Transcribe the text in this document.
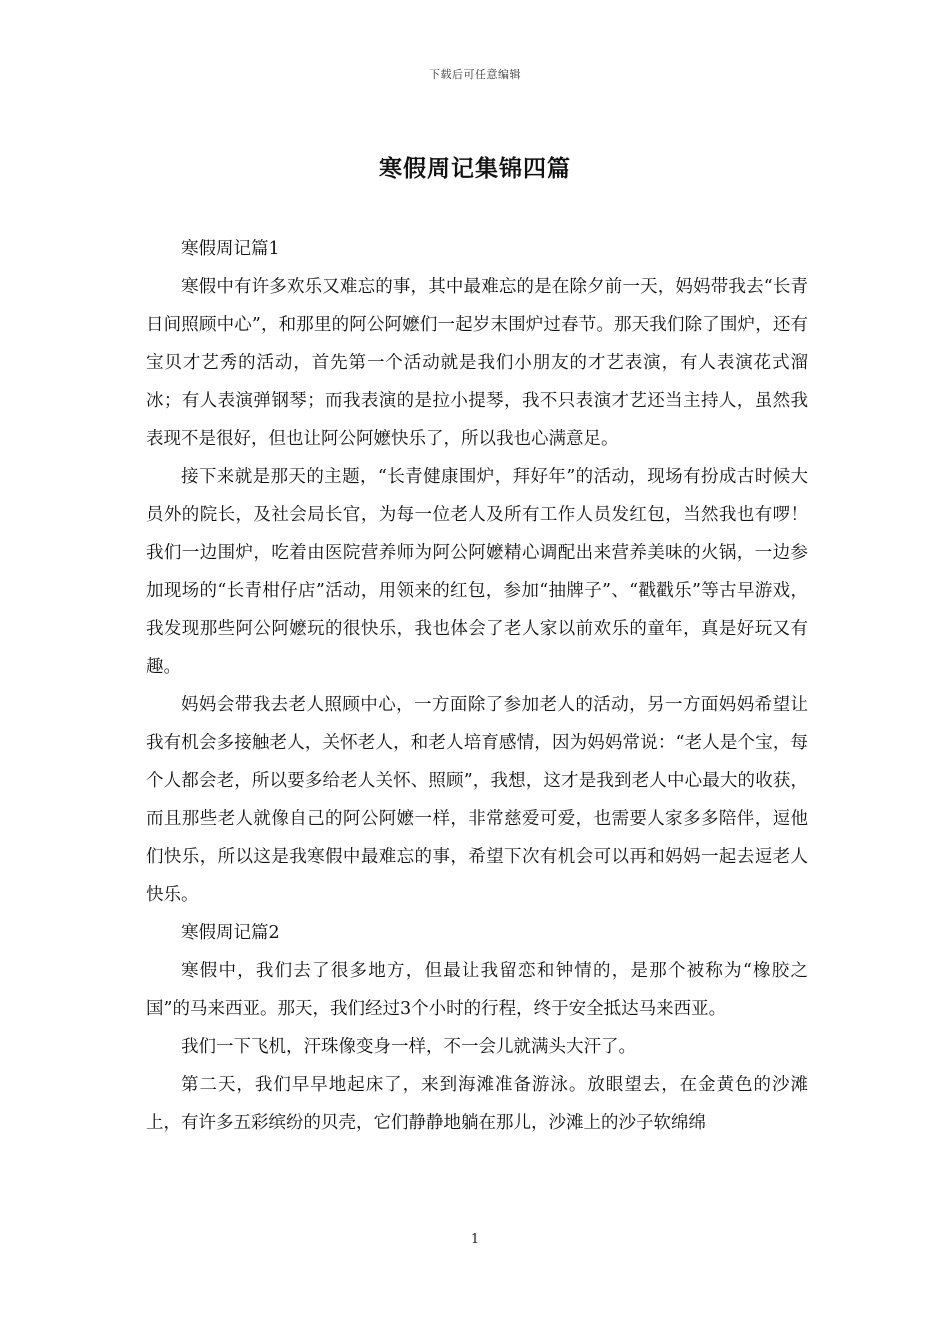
下载后可任意编辑
寒假周记集锦四篇

寒假周记篇1

寒假中有许多欢乐又难忘的事，其中最难忘的是在除夕前一天，妈妈带我去“长青日间照顾中心”，和那里的阿公阿嬷们一起岁末围炉过春节。那天我们除了围炉，还有宝贝才艺秀的活动，首先第一个活动就是我们小朋友的才艺表演，有人表演花式溜冰；有人表演弹钢琴；而我表演的是拉小提琴，我不只表演才艺还当主持人，虽然我表现不是很好，但也让阿公阿嬷快乐了，所以我也心满意足。

接下来就是那天的主题，“长青健康围炉，拜好年”的活动，现场有扮成古时候大员外的院长，及社会局长官，为每一位老人及所有工作人员发红包，当然我也有啰！我们一边围炉，吃着由医院营养师为阿公阿嬷精心调配出来营养美味的火锅，一边参加现场的“长青柑仔店”活动，用领来的红包，参加“抽牌子”、“戳戳乐”等古早游戏，我发现那些阿公阿嬷玩的很快乐，我也体会了老人家以前欢乐的童年，真是好玩又有趣。

妈妈会带我去老人照顾中心，一方面除了参加老人的活动，另一方面妈妈希望让我有机会多接触老人，关怀老人，和老人培育感情，因为妈妈常说：“老人是个宝，每个人都会老，所以要多给老人关怀、照顾”，我想，这才是我到老人中心最大的收获，而且那些老人就像自己的阿公阿嬷一样，非常慈爱可爱，也需要人家多多陪伴，逗他们快乐，所以这是我寒假中最难忘的事，希望下次有机会可以再和妈妈一起去逗老人快乐。

寒假周记篇2

寒假中，我们去了很多地方，但最让我留恋和钟情的，是那个被称为“橡胶之国”的马来西亚。那天，我们经过3个小时的行程，终于安全抵达马来西亚。

我们一下飞机，汗珠像变身一样，不一会儿就满头大汗了。

第二天，我们早早地起床了，来到海滩准备游泳。放眼望去，在金黄色的沙滩上，有许多五彩缤纷的贝壳，它们静静地躺在那儿，沙滩上的沙子软绵绵

1
